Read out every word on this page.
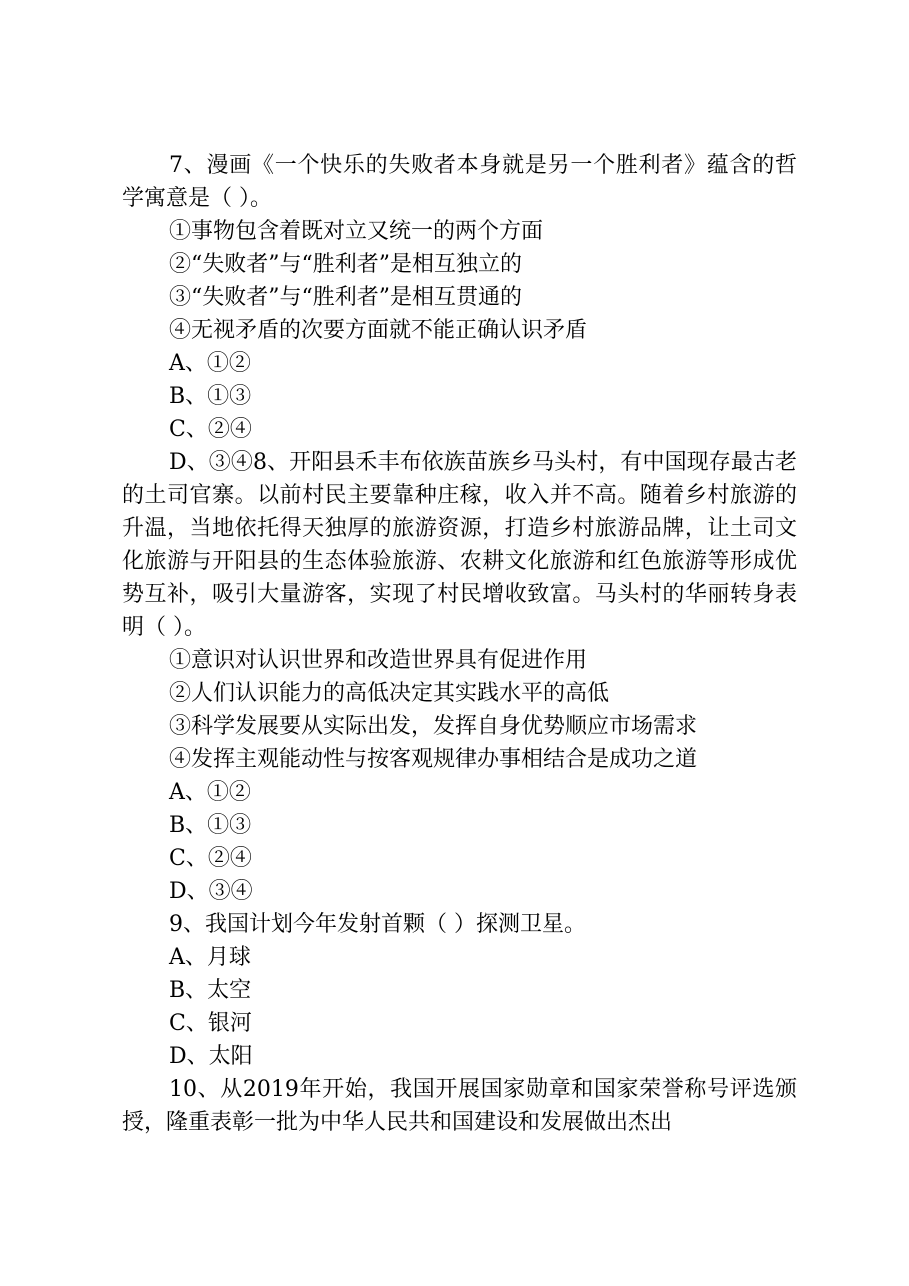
7、漫画《一个快乐的失败者本身就是另一个胜利者》蕴含的哲学寓意是（ ）。
①事物包含着既对立又统一的两个方面
②“失败者”与“胜利者”是相互独立的
③“失败者”与“胜利者”是相互贯通的
④无视矛盾的次要方面就不能正确认识矛盾
A、①②
B、①③
C、②④
D、③④8、开阳县禾丰布依族苗族乡马头村，有中国现存最古老的土司官寨。以前村民主要靠种庄稼，收入并不高。随着乡村旅游的升温，当地依托得天独厚的旅游资源，打造乡村旅游品牌，让土司文化旅游与开阳县的生态体验旅游、农耕文化旅游和红色旅游等形成优势互补，吸引大量游客，实现了村民增收致富。马头村的华丽转身表明（ ）。
①意识对认识世界和改造世界具有促进作用
②人们认识能力的高低决定其实践水平的高低
③科学发展要从实际出发，发挥自身优势顺应市场需求
④发挥主观能动性与按客观规律办事相结合是成功之道
A、①②
B、①③
C、②④
D、③④
9、我国计划今年发射首颗（ ）探测卫星。
A、月球
B、太空
C、银河
D、太阳
10、从2019年开始，我国开展国家勋章和国家荣誉称号评选颁授，隆重表彰一批为中华人民共和国建设和发展做出杰出
